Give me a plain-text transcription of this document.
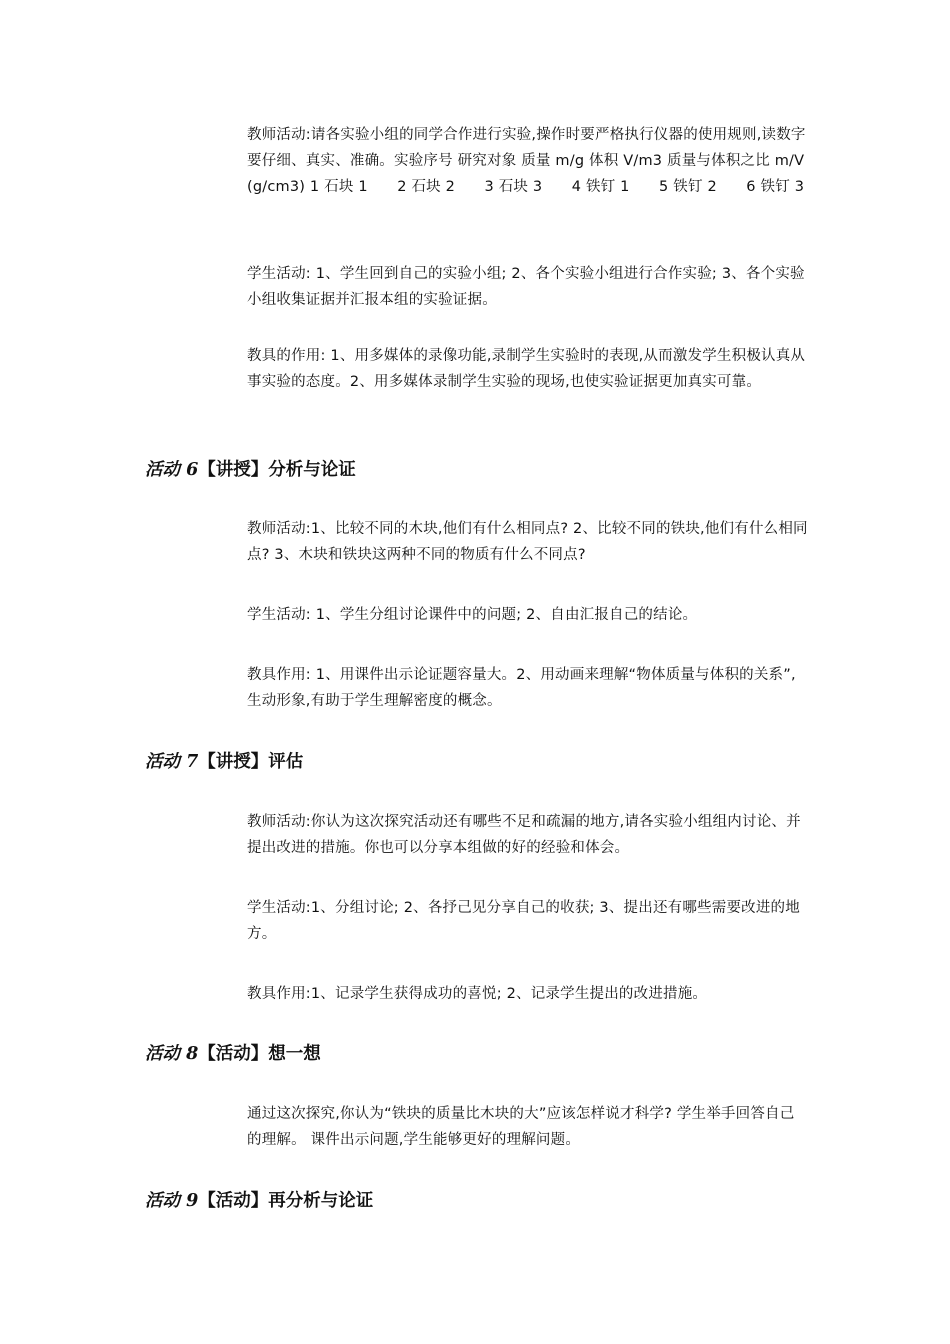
教师活动:请各实验小组的同学合作进行实验,操作时要严格执行仪器的使用规则,读数字要仔细、真实、准确。实验序号 研究对象 质量 m/g 体积 V/m3 质量与体积之比 m/V(g/cm3) 1 石块 1　　2 石块 2　　3 石块 3　　4 铁钉 1　　5 铁钉 2　　6 铁钉 3

学生活动: 1、学生回到自己的实验小组; 2、各个实验小组进行合作实验; 3、各个实验小组收集证据并汇报本组的实验证据。

教具的作用: 1、用多媒体的录像功能,录制学生实验时的表现,从而激发学生积极认真从事实验的态度。2、用多媒体录制学生实验的现场,也使实验证据更加真实可靠。

活动 6【讲授】分析与论证

教师活动:1、比较不同的木块,他们有什么相同点? 2、比较不同的铁块,他们有什么相同点? 3、木块和铁块这两种不同的物质有什么不同点?

学生活动: 1、学生分组讨论课件中的问题; 2、自由汇报自己的结论。

教具作用: 1、用课件出示论证题容量大。2、用动画来理解“物体质量与体积的关系”,生动形象,有助于学生理解密度的概念。

活动 7【讲授】评估

教师活动:你认为这次探究活动还有哪些不足和疏漏的地方,请各实验小组组内讨论、并提出改进的措施。你也可以分享本组做的好的经验和体会。

学生活动:1、分组讨论; 2、各抒己见分享自己的收获; 3、提出还有哪些需要改进的地方。

教具作用:1、记录学生获得成功的喜悦; 2、记录学生提出的改进措施。

活动 8【活动】想一想

通过这次探究,你认为“铁块的质量比木块的大”应该怎样说才科学? 学生举手回答自己的理解。 课件出示问题,学生能够更好的理解问题。

活动 9【活动】再分析与论证
